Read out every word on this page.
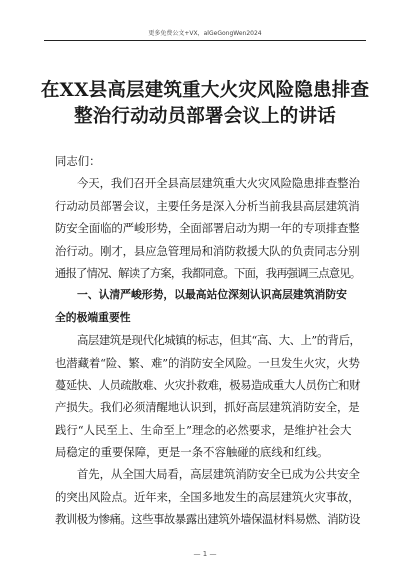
更多免费公文+VX，alGeGongWen2024
在XX县高层建筑重大火灾风险隐患排查
整治行动动员部署会议上的讲话
同志们：
今天，我们召开全县高层建筑重大火灾风险隐患排查整治
行动动员部署会议，主要任务是深入分析当前我县高层建筑消
防安全面临的严峻形势，全面部署启动为期一年的专项排查整
治行动。刚才，县应急管理局和消防救援大队的负责同志分别
通报了情况、解读了方案，我都同意。下面，我再强调三点意见。
一、认清严峻形势，以最高站位深刻认识高层建筑消防安
全的极端重要性
高层建筑是现代化城镇的标志，但其“高、大、上”的背后，
也潜藏着“险、繁、难”的消防安全风险。一旦发生火灾，火势
蔓延快、人员疏散难、火灾扑救难，极易造成重大人员伤亡和财
产损失。我们必须清醒地认识到，抓好高层建筑消防安全，是
践行“人民至上、生命至上”理念的必然要求，是维护社会大
局稳定的重要保障，更是一条不容触碰的底线和红线。
首先，从全国大局看，高层建筑消防安全已成为公共安全
的突出风险点。近年来，全国多地发生的高层建筑火灾事故，
教训极为惨痛。这些事故暴露出建筑外墙保温材料易燃、消防设
— 1 —
